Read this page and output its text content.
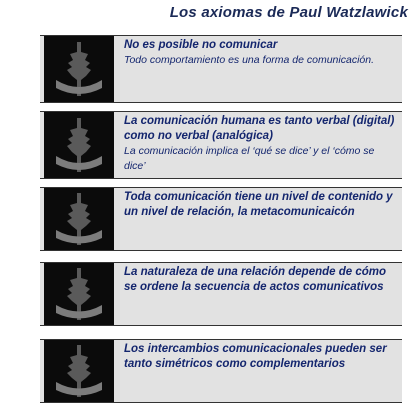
Los axiomas de Paul Watzlawick
No es posible no comunicar
Todo comportamiento es una forma de comunicación.
La comunicación humana es tanto verbal (digital) como no verbal (analógica)
La comunicación implica el ‘qué se dice’ y el ‘cómo se dice’
Toda comunicación tiene un nivel de contenido y un nivel de relación, la metacomunicaicón
La naturaleza de una relación depende de cómo se ordene la secuencia de actos comunicativos
Los intercambios comunicacionales pueden ser tanto simétricos como complementarios
